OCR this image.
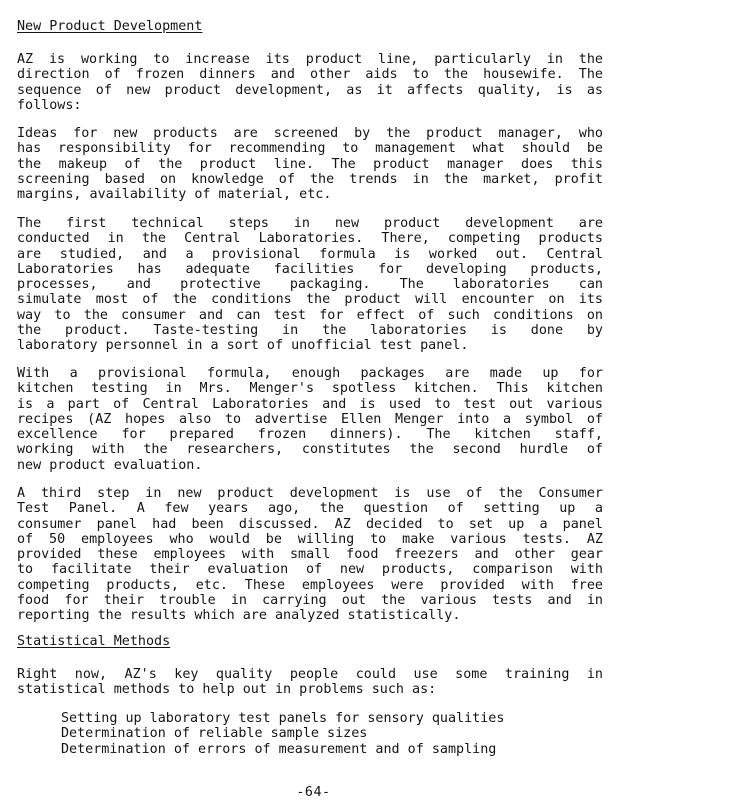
New Product Development
AZ is working to increase its product line, particularly in the
direction of frozen dinners and other aids to the housewife. The
sequence of new product development, as it affects quality, is as
follows:
Ideas for new products are screened by the product manager, who
has responsibility for recommending to management what should be
the makeup of the product line. The product manager does this
screening based on knowledge of the trends in the market, profit
margins, availability of material, etc.
The first technical steps in new product development are
conducted in the Central Laboratories. There, competing products
are studied, and a provisional formula is worked out. Central
Laboratories has adequate facilities for developing products,
processes, and protective packaging. The laboratories can
simulate most of the conditions the product will encounter on its
way to the consumer and can test for effect of such conditions on
the product. Taste-testing in the laboratories is done by
laboratory personnel in a sort of unofficial test panel.
With a provisional formula, enough packages are made up for
kitchen testing in Mrs. Menger's spotless kitchen. This kitchen
is a part of Central Laboratories and is used to test out various
recipes (AZ hopes also to advertise Ellen Menger into a symbol of
excellence for prepared frozen dinners). The kitchen staff,
working with the researchers, constitutes the second hurdle of
new product evaluation.
A third step in new product development is use of the Consumer
Test Panel. A few years ago, the question of setting up a
consumer panel had been discussed. AZ decided to set up a panel
of 50 employees who would be willing to make various tests. AZ
provided these employees with small food freezers and other gear
to facilitate their evaluation of new products, comparison with
competing products, etc. These employees were provided with free
food for their trouble in carrying out the various tests and in
reporting the results which are analyzed statistically.
Statistical Methods
Right now, AZ's key quality people could use some training in
statistical methods to help out in problems such as:
Setting up laboratory test panels for sensory qualities
Determination of reliable sample sizes
Determination of errors of measurement and of sampling
-64-
